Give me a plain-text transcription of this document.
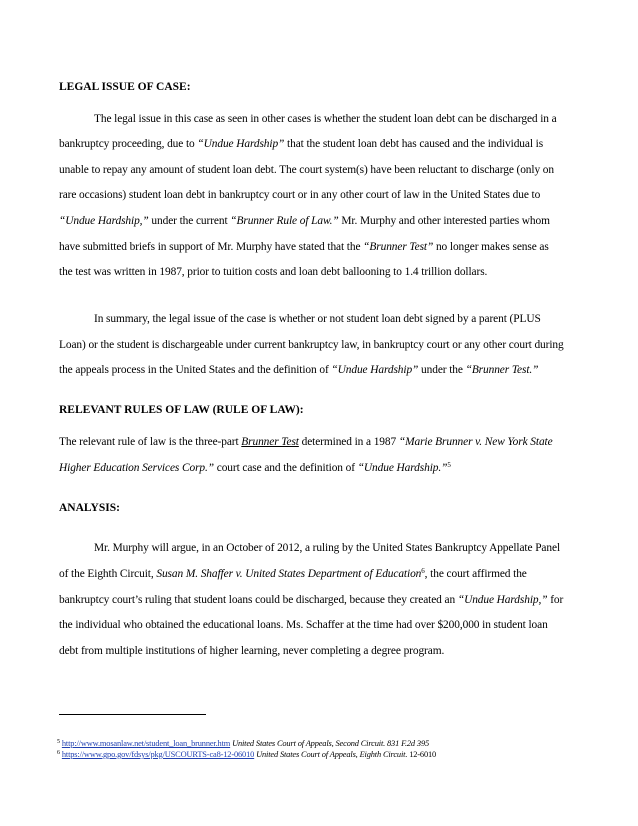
LEGAL ISSUE OF CASE:
The legal issue in this case as seen in other cases is whether the student loan debt can be discharged in a
bankruptcy proceeding, due to “Undue Hardship” that the student loan debt has caused and the individual is
unable to repay any amount of student loan debt. The court system(s) have been reluctant to discharge (only on
rare occasions) student loan debt in bankruptcy court or in any other court of law in the United States due to
“Undue Hardship,” under the current “Brunner Rule of Law.” Mr. Murphy and other interested parties whom
have submitted briefs in support of Mr. Murphy have stated that the “Brunner Test” no longer makes sense as
the test was written in 1987, prior to tuition costs and loan debt ballooning to 1.4 trillion dollars.
In summary, the legal issue of the case is whether or not student loan debt signed by a parent (PLUS
Loan) or the student is dischargeable under current bankruptcy law, in bankruptcy court or any other court during
the appeals process in the United States and the definition of “Undue Hardship” under the “Brunner Test.”
RELEVANT RULES OF LAW (RULE OF LAW):
The relevant rule of law is the three-part Brunner Test determined in a 1987 “Marie Brunner v. New York State
Higher Education Services Corp.” court case and the definition of “Undue Hardship.”$^5$
ANALYSIS:
Mr. Murphy will argue, in an October of 2012, a ruling by the United States Bankruptcy Appellate Panel
of the Eighth Circuit, Susan M. Shaffer v. United States Department of Education$^6$, the court affirmed the
bankruptcy court’s ruling that student loans could be discharged, because they created an “Undue Hardship,” for
the individual who obtained the educational loans. Ms. Schaffer at the time had over $200,000 in student loan
debt from multiple institutions of higher learning, never completing a degree program.
$^5$ http://www.mosanlaw.net/student_loan_brunner.htm United States Court of Appeals, Second Circuit. 831 F.2d 395
$^6$ https://www.gpo.gov/fdsys/pkg/USCOURTS-ca8-12-06010 United States Court of Appeals, Eighth Circuit. 12-6010
